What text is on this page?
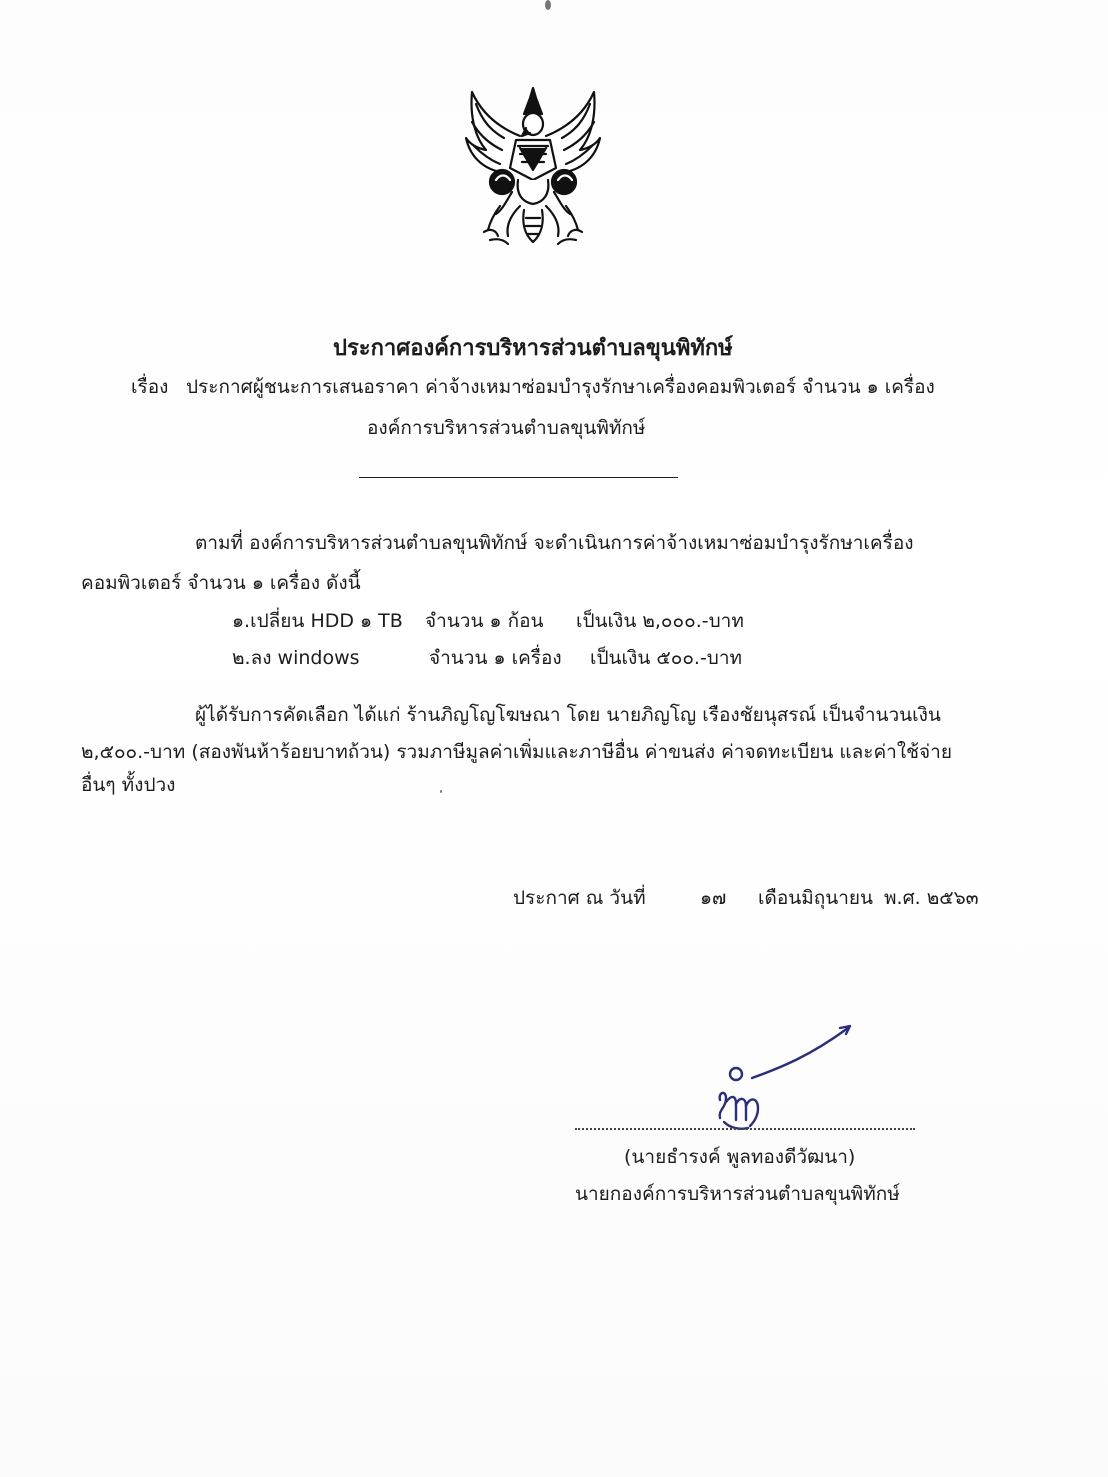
ประกาศองค์การบริหารส่วนตำบลขุนพิทักษ์
เรื่อง ประกาศผู้ชนะการเสนอราคา ค่าจ้างเหมาซ่อมบำรุงรักษาเครื่องคอมพิวเตอร์ จำนวน ๑ เครื่อง
องค์การบริหารส่วนตำบลขุนพิทักษ์
ตามที่ องค์การบริหารส่วนตำบลขุนพิทักษ์ จะดำเนินการค่าจ้างเหมาซ่อมบำรุงรักษาเครื่อง
คอมพิวเตอร์ จำนวน ๑ เครื่อง ดังนี้
๑.เปลี่ยน HDD ๑ TB จำนวน ๑ ก้อน เป็นเงิน ๒,๐๐๐.-บาท
๒.ลง windows	จำนวน ๑ เครื่อง เป็นเงิน ๕๐๐.-บาท
ผู้ได้รับการคัดเลือก ได้แก่ ร้านภิญโญโฆษณา โดย นายภิญโญ เรืองชัยนุสรณ์ เป็นจำนวนเงิน
๒,๕๐๐.-บาท (สองพันห้าร้อยบาทถ้วน) รวมภาษีมูลค่าเพิ่มและภาษีอื่น ค่าขนส่ง ค่าจดทะเบียน และค่าใช้จ่าย
อื่นๆ ทั้งปวง
ประกาศ ณ วันที่	๑๗ เดือนมิถุนายน พ.ศ. ๒๕๖๓
(นายธำรงค์ พูลทองดีวัฒนา)
นายกองค์การบริหารส่วนตำบลขุนพิทักษ์
